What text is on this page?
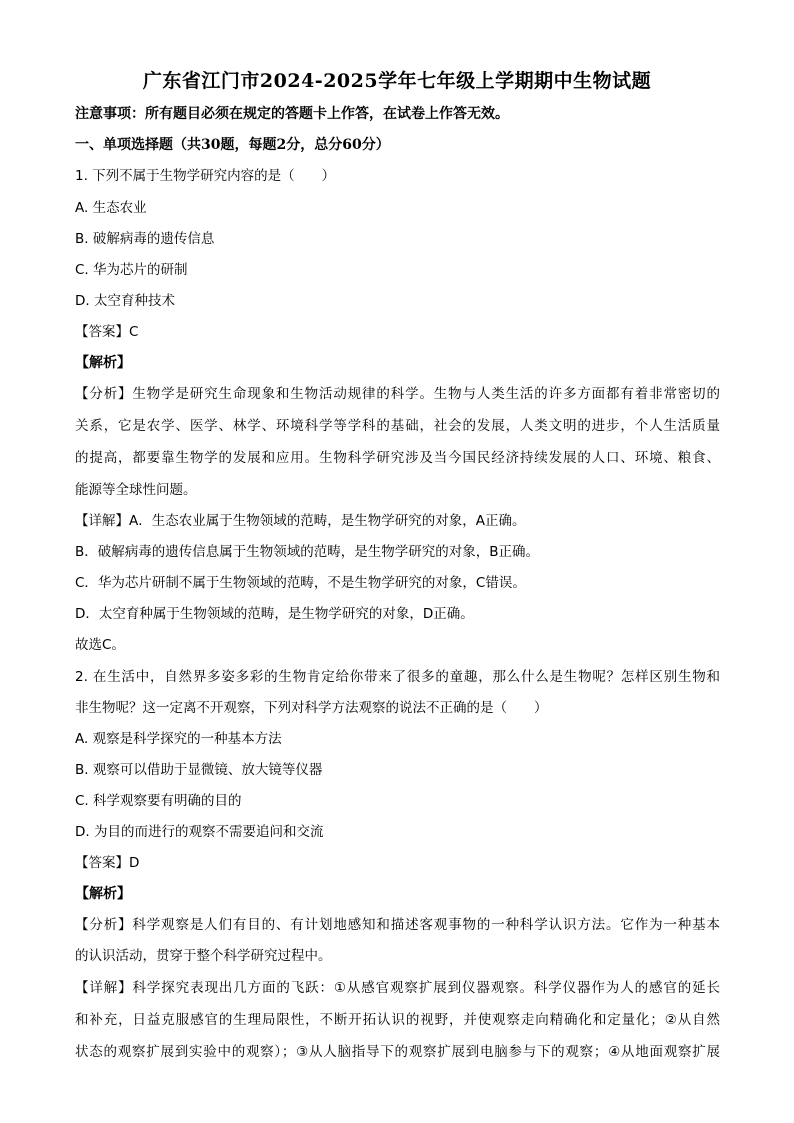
广东省江门市2024-2025学年七年级上学期期中生物试题
注意事项：所有题目必须在规定的答题卡上作答，在试卷上作答无效。
一、单项选择题（共30题，每题2分，总分60分）
1. 下列不属于生物学研究内容的是（　　）
A. 生态农业
B. 破解病毒的遗传信息
C. 华为芯片的研制
D. 太空育种技术
【答案】C
【解析】
【分析】生物学是研究生命现象和生物活动规律的科学。生物与人类生活的许多方面都有着非常密切的
关系，它是农学、医学、林学、环境科学等学科的基础，社会的发展，人类文明的进步，个人生活质量
的提高，都要靠生物学的发展和应用。生物科学研究涉及当今国民经济持续发展的人口、环境、粮食、
能源等全球性问题。
【详解】A．生态农业属于生物领域的范畴，是生物学研究的对象，A正确。
B．破解病毒的遗传信息属于生物领域的范畴，是生物学研究的对象，B正确。
C．华为芯片研制不属于生物领域的范畴，不是生物学研究的对象，C错误。
D．太空育种属于生物领域的范畴，是生物学研究的对象，D正确。
故选C。
2. 在生活中，自然界多姿多彩的生物肯定给你带来了很多的童趣，那么什么是生物呢？怎样区别生物和
非生物呢？这一定离不开观察，下列对科学方法观察的说法不正确的是（　　）
A. 观察是科学探究的一种基本方法
B. 观察可以借助于显微镜、放大镜等仪器
C. 科学观察要有明确的目的
D. 为目的而进行的观察不需要追问和交流
【答案】D
【解析】
【分析】科学观察是人们有目的、有计划地感知和描述客观事物的一种科学认识方法。它作为一种基本
的认识活动，贯穿于整个科学研究过程中。
【详解】科学探究表现出几方面的飞跃：①从感官观察扩展到仪器观察。科学仪器作为人的感官的延长
和补充，日益克服感官的生理局限性，不断开拓认识的视野，并使观察走向精确化和定量化；②从自然
状态的观察扩展到实验中的观察）；③从人脑指导下的观察扩展到电脑参与下的观察；④从地面观察扩展
